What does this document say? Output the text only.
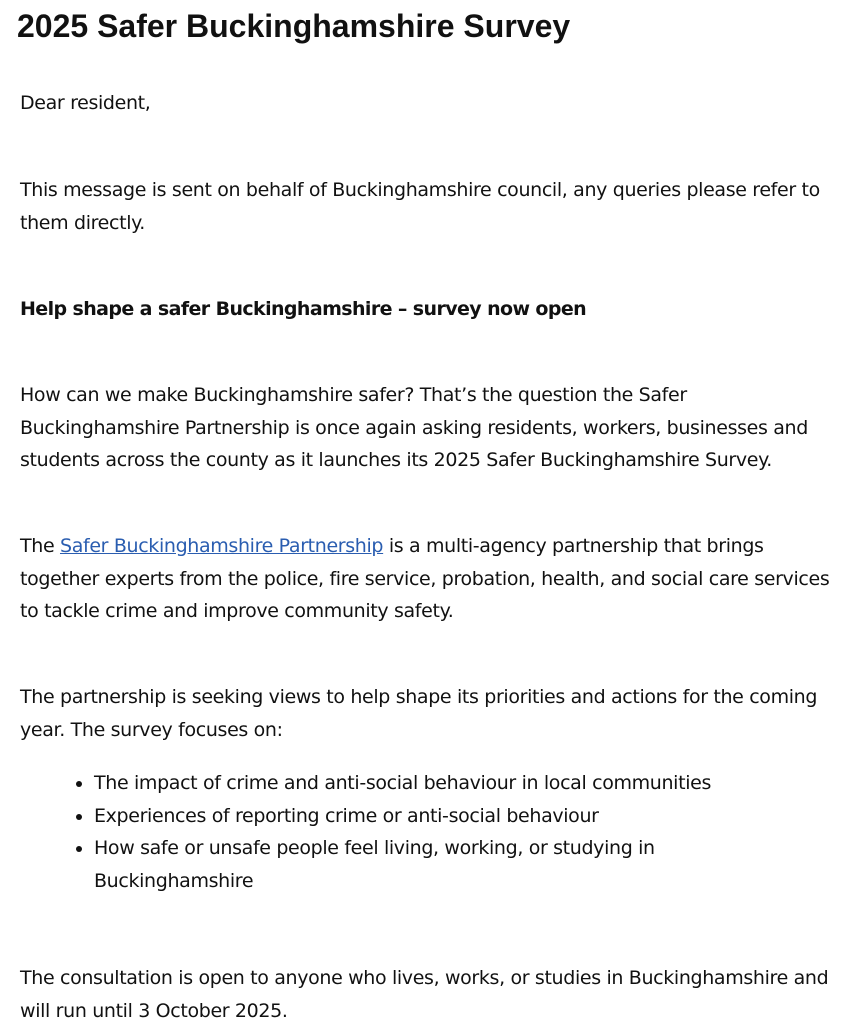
2025 Safer Buckinghamshire Survey

Dear resident,

This message is sent on behalf of Buckinghamshire council, any queries please refer to them directly.

Help shape a safer Buckinghamshire – survey now open

How can we make Buckinghamshire safer? That’s the question the Safer Buckinghamshire Partnership is once again asking residents, workers, businesses and students across the county as it launches its 2025 Safer Buckinghamshire Survey.

The Safer Buckinghamshire Partnership is a multi-agency partnership that brings together experts from the police, fire service, probation, health, and social care services to tackle crime and improve community safety.

The partnership is seeking views to help shape its priorities and actions for the coming year. The survey focuses on:

• The impact of crime and anti-social behaviour in local communities
• Experiences of reporting crime or anti-social behaviour
• How safe or unsafe people feel living, working, or studying in Buckinghamshire

The consultation is open to anyone who lives, works, or studies in Buckinghamshire and will run until 3 October 2025.
